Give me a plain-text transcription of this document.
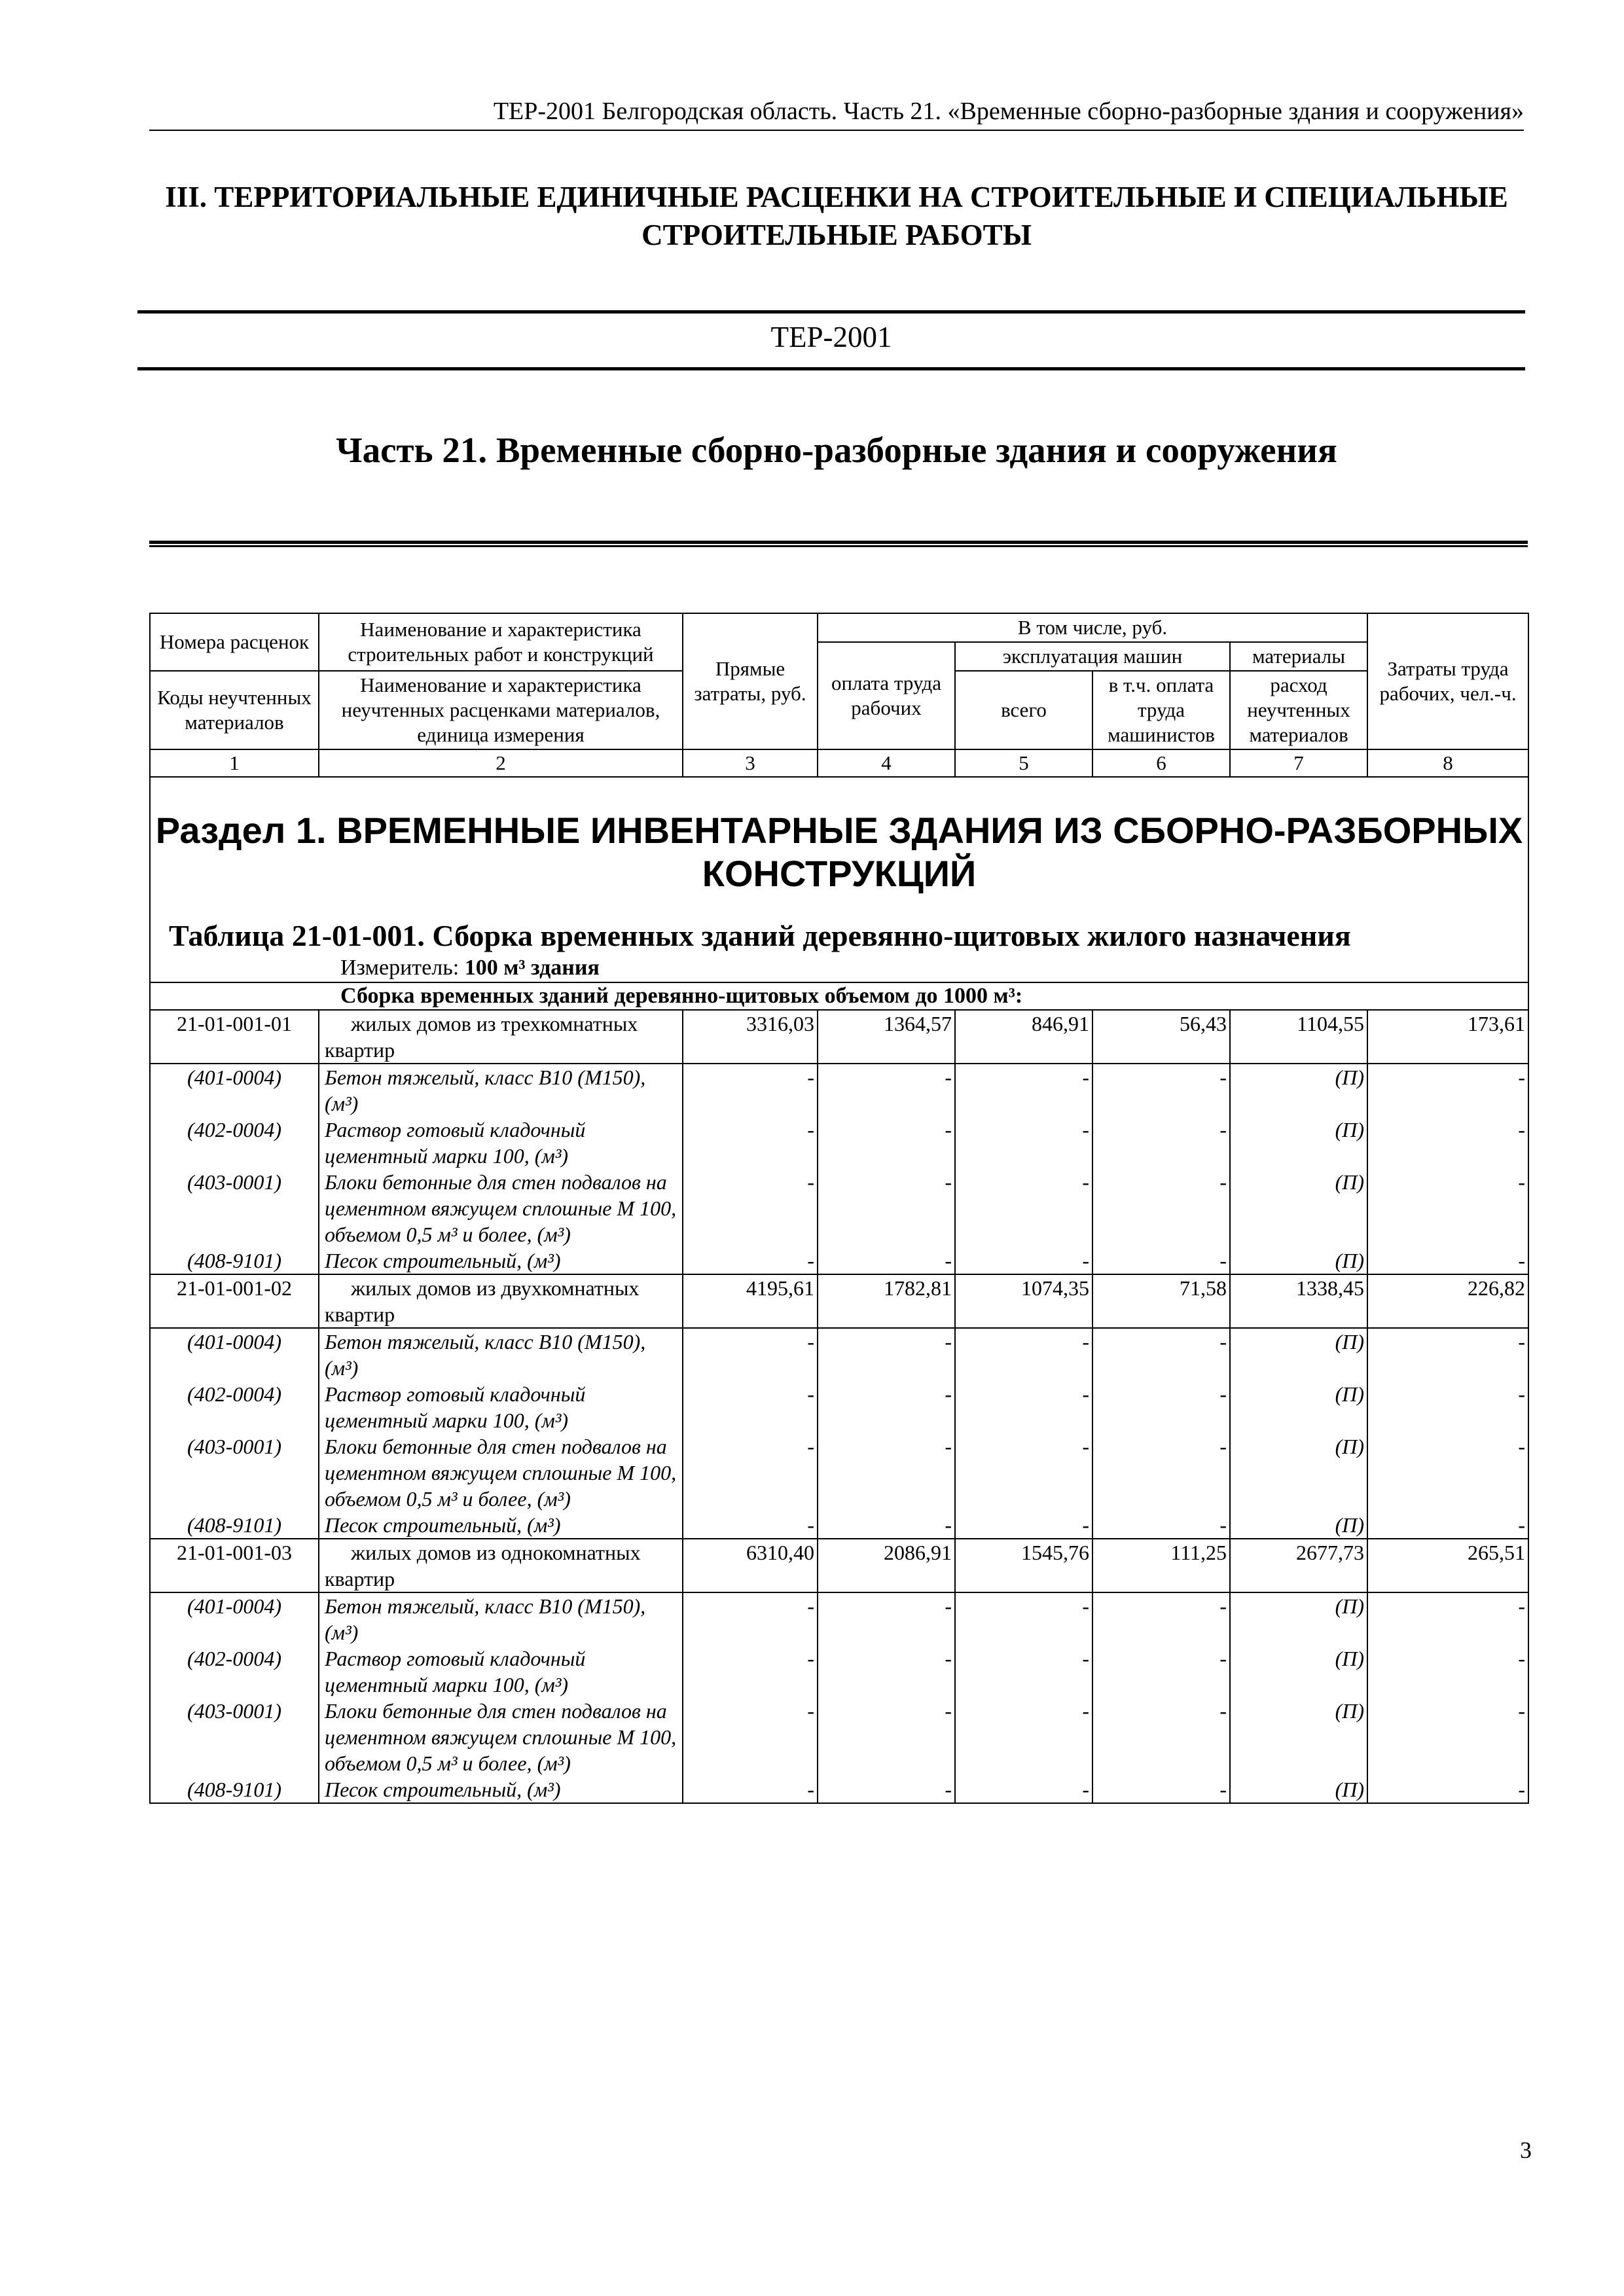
ТЕР-2001 Белгородская область. Часть 21. «Временные сборно-разборные здания и сооружения»
III. ТЕРРИТОРИАЛЬНЫЕ ЕДИНИЧНЫЕ РАСЦЕНКИ НА СТРОИТЕЛЬНЫЕ И СПЕЦИАЛЬНЫЕ СТРОИТЕЛЬНЫЕ РАБОТЫ
ТЕР-2001
Часть 21. Временные сборно-разборные здания и сооружения
Номера расценок	Наименование и характеристика строительных работ и конструкций	Прямые затраты, руб.	В том числе, руб.				Затраты труда рабочих, чел.-ч.
			оплата труда рабочих	эксплуатация машин		материалы	
Коды неучтенных материалов	Наименование и характеристика неучтенных расценками материалов, единица измерения			всего	в т.ч. оплата труда машинистов	расход неучтенных материалов	

1	2	3	4	5	6	7	8

Раздел 1. ВРЕМЕННЫЕ ИНВЕНТАРНЫЕ ЗДАНИЯ ИЗ СБОРНО-РАЗБОРНЫХ КОНСТРУКЦИЙ
Таблица 21-01-001. Сборка временных зданий деревянно-щитовых жилого назначения
Измеритель: 100 м³ здания							

Сборка временных зданий деревянно-щитовых объемом до 1000 м³:							
21-01-001-01	жилых домов из трехкомнатных квартир	3316,03	1364,57	846,91	56,43	1104,55	173,61
(401-0004)	Бетон тяжелый, класс В10 (М150), (м³)	-	-	-	-	(П)	-
(402-0004)	Раствор готовый кладочный цементный марки 100, (м³)	-	-	-	-	(П)	-
(403-0001)	Блоки бетонные для стен подвалов на цементном вяжущем сплошные М 100, объемом 0,5 м³ и более, (м³)	-	-	-	-	(П)	-
(408-9101)	Песок строительный, (м³)	-	-	-	-	(П)	-
21-01-001-02	жилых домов из двухкомнатных квартир	4195,61	1782,81	1074,35	71,58	1338,45	226,82
(401-0004)	Бетон тяжелый, класс В10 (М150), (м³)	-	-	-	-	(П)	-
(402-0004)	Раствор готовый кладочный цементный марки 100, (м³)	-	-	-	-	(П)	-
(403-0001)	Блоки бетонные для стен подвалов на цементном вяжущем сплошные М 100, объемом 0,5 м³ и более, (м³)	-	-	-	-	(П)	-
(408-9101)	Песок строительный, (м³)	-	-	-	-	(П)	-
21-01-001-03	жилых домов из однокомнатных квартир	6310,40	2086,91	1545,76	111,25	2677,73	265,51
(401-0004)	Бетон тяжелый, класс В10 (М150), (м³)	-	-	-	-	(П)	-
(402-0004)	Раствор готовый кладочный цементный марки 100, (м³)	-	-	-	-	(П)	-
(403-0001)	Блоки бетонные для стен подвалов на цементном вяжущем сплошные М 100, объемом 0,5 м³ и более, (м³)	-	-	-	-	(П)	-
(408-9101)	Песок строительный, (м³)	-	-	-	-	(П)	-
3
